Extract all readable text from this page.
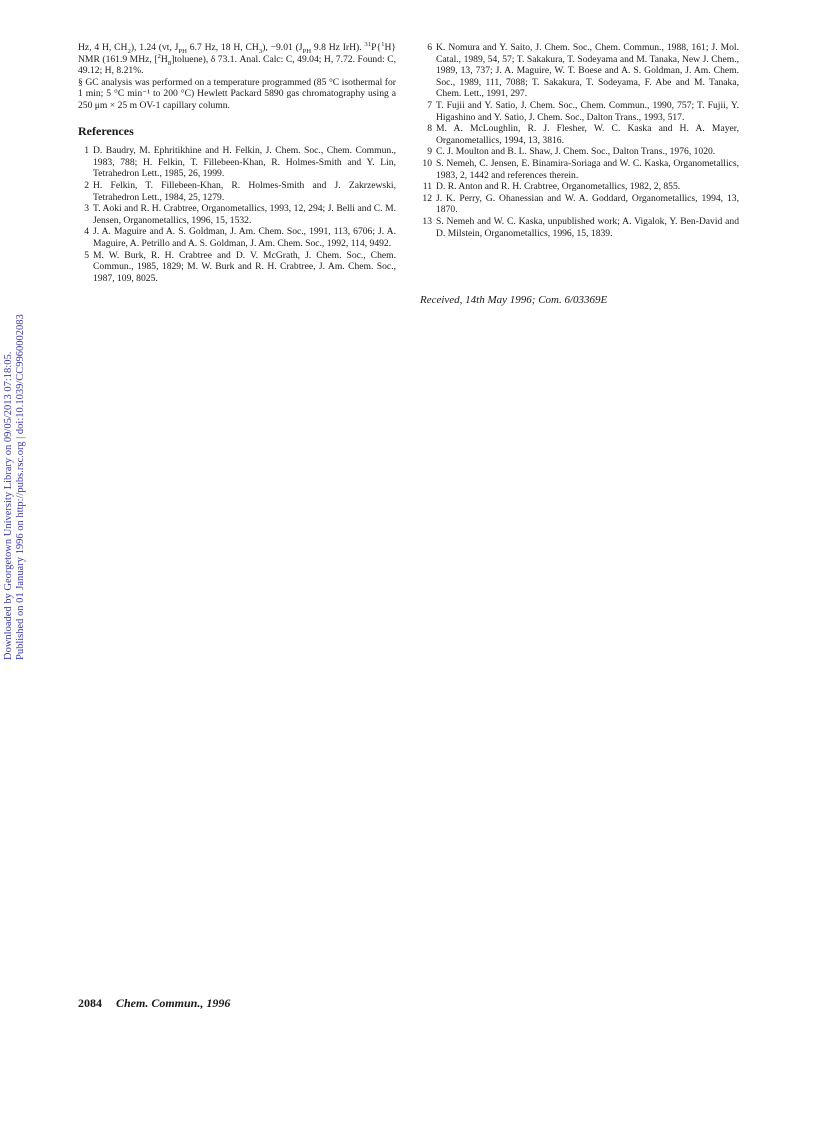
Downloaded by Georgetown University Library on 09/05/2013 07:18:05. Published on 01 January 1996 on http://pubs.rsc.org | doi:10.1039/CC9960002083

Hz, 4 H, $CH_2$), 1.24 (vt, $J_{PH}$ 6.7 Hz, 18 H, $CH_3$), −9.01 ($J_{PH}$ 9.8 Hz IrH). $^{31}$P{$^1$H} NMR (161.9 MHz, $[^2H_8]toluene$), δ 73.1. Anal. Calc: C, 49.04; H, 7.72. Found: C, 49.12; H, 8.21%.

§ GC analysis was performed on a temperature programmed (85 °C isothermal for 1 min; 5 °C min⁻¹ to 200 °C) Hewlett Packard 5890 gas chromatography using a 250 μm × 25 m OV-1 capillary column.

References

1 D. Baudry, M. Ephritikhine and H. Felkin, J. Chem. Soc., Chem. Commun., 1983, 788; H. Felkin, T. Fillebeen-Khan, R. Holmes-Smith and Y. Lin, Tetrahedron Lett., 1985, 26, 1999.

2 H. Felkin, T. Fillebeen-Khan, R. Holmes-Smith and J. Zakrzewski, Tetrahedron Lett., 1984, 25, 1279.

3 T. Aoki and R. H. Crabtree, Organometallics, 1993, 12, 294; J. Belli and C. M. Jensen, Organometallics, 1996, 15, 1532.

4 J. A. Maguire and A. S. Goldman, J. Am. Chem. Soc., 1991, 113, 6706; J. A. Maguire, A. Petrillo and A. S. Goldman, J. Am. Chem. Soc., 1992, 114, 9492.

5 M. W. Burk, R. H. Crabtree and D. V. McGrath, J. Chem. Soc., Chem. Commun., 1985, 1829; M. W. Burk and R. H. Crabtree, J. Am. Chem. Soc., 1987, 109, 8025.

6 K. Nomura and Y. Saito, J. Chem. Soc., Chem. Commun., 1988, 161; J. Mol. Catal., 1989, 54, 57; T. Sakakura, T. Sodeyama and M. Tanaka, New J. Chem., 1989, 13, 737; J. A. Maguire, W. T. Boese and A. S. Goldman, J. Am. Chem. Soc., 1989, 111, 7088; T. Sakakura, T. Sodeyama, F. Abe and M. Tanaka, Chem. Lett., 1991, 297.

7 T. Fujii and Y. Satio, J. Chem. Soc., Chem. Commun., 1990, 757; T. Fujii, Y. Higashino and Y. Satio, J. Chem. Soc., Dalton Trans., 1993, 517.

8 M. A. McLoughlin, R. J. Flesher, W. C. Kaska and H. A. Mayer, Organometallics, 1994, 13, 3816.

9 C. J. Moulton and B. L. Shaw, J. Chem. Soc., Dalton Trans., 1976, 1020.

10 S. Nemeh, C. Jensen, E. Binamira-Soriaga and W. C. Kaska, Organometallics, 1983, 2, 1442 and references therein.

11 D. R. Anton and R. H. Crabtree, Organometallics, 1982, 2, 855.

12 J. K. Perry, G. Ohanessian and W. A. Goddard, Organometallics, 1994, 13, 1870.

13 S. Nemeh and W. C. Kaska, unpublished work; A. Vigalok, Y. Ben-David and D. Milstein, Organometallics, 1996, 15, 1839.

Received, 14th May 1996; Com. 6/03369E
2084 Chem. Commun., 1996
